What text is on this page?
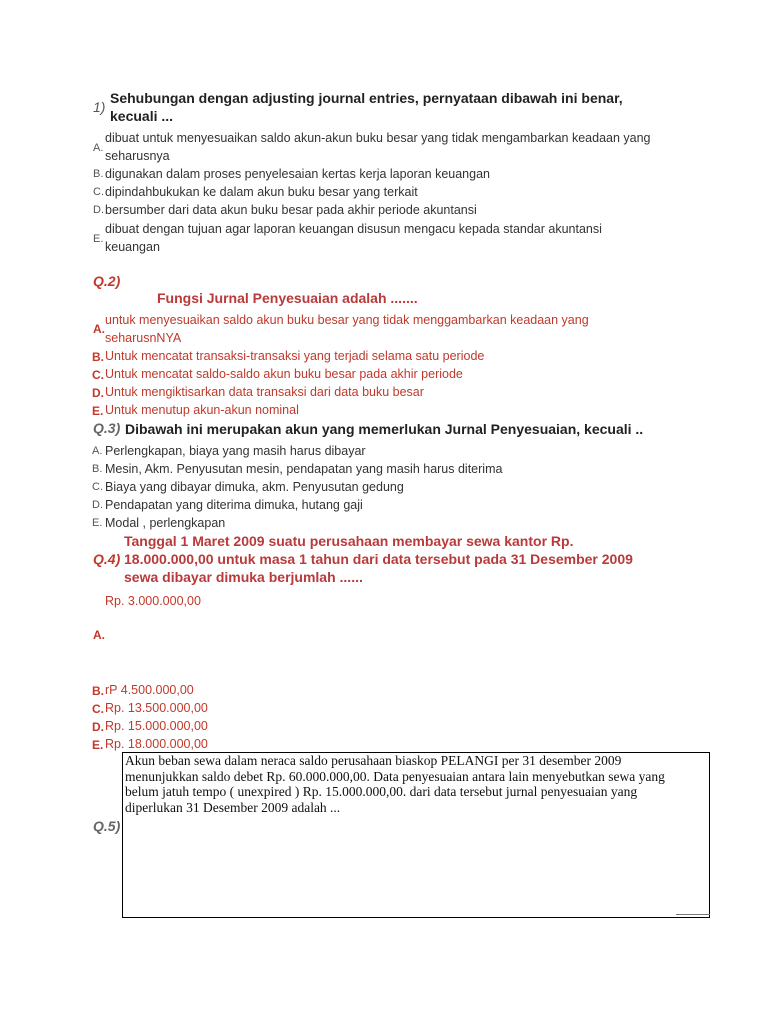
1)
Sehubungan dengan adjusting journal entries, pernyataan dibawah ini benar, kecuali ...
A.
dibuat untuk menyesuaikan saldo akun-akun buku besar yang tidak mengambarkan keadaan yang seharusnya
B. digunakan dalam proses penyelesaian kertas kerja laporan keuangan
C. dipindahbukukan ke dalam akun buku besar yang terkait
D. bersumber dari data akun buku besar pada akhir periode akuntansi
E.
dibuat dengan tujuan agar laporan keuangan disusun mengacu kepada standar akuntansi keuangan
Q.2)
Fungsi Jurnal Penyesuaian adalah .......
A.
untuk menyesuaikan saldo akun buku besar yang tidak menggambarkan keadaan yang seharusnNYA
B. Untuk mencatat transaksi-transaksi yang terjadi selama satu periode
C. Untuk mencatat saldo-saldo akun buku besar pada akhir periode
D. Untuk mengiktisarkan data transaksi dari data buku besar
E. Untuk menutup akun-akun nominal
Q.3) Dibawah ini merupakan akun yang memerlukan Jurnal Penyesuaian, kecuali ..
A. Perlengkapan, biaya yang masih harus dibayar
B. Mesin, Akm. Penyusutan mesin, pendapatan yang masih harus diterima
C. Biaya yang dibayar dimuka, akm. Penyusutan gedung
D. Pendapatan yang diterima dimuka, hutang gaji
E. Modal , perlengkapan
Q.4)
Tanggal 1 Maret 2009 suatu perusahaan membayar sewa kantor Rp.
18.000.000,00 untuk masa 1 tahun dari data tersebut pada 31 Desember 2009
sewa dibayar dimuka berjumlah ......
Rp. 3.000.000,00
A.
B. rP 4.500.000,00
C. Rp. 13.500.000,00
D. Rp. 15.000.000,00
E. Rp. 18.000.000,00
Q.5)
Akun beban sewa dalam neraca saldo perusahaan biaskop PELANGI per 31 desember 2009 menunjukkan saldo debet Rp. 60.000.000,00. Data penyesuaian antara lain menyebutkan sewa yang belum jatuh tempo ( unexpired ) Rp. 15.000.000,00. dari data tersebut jurnal penyesuaian yang diperlukan 31 Desember 2009 adalah ...
